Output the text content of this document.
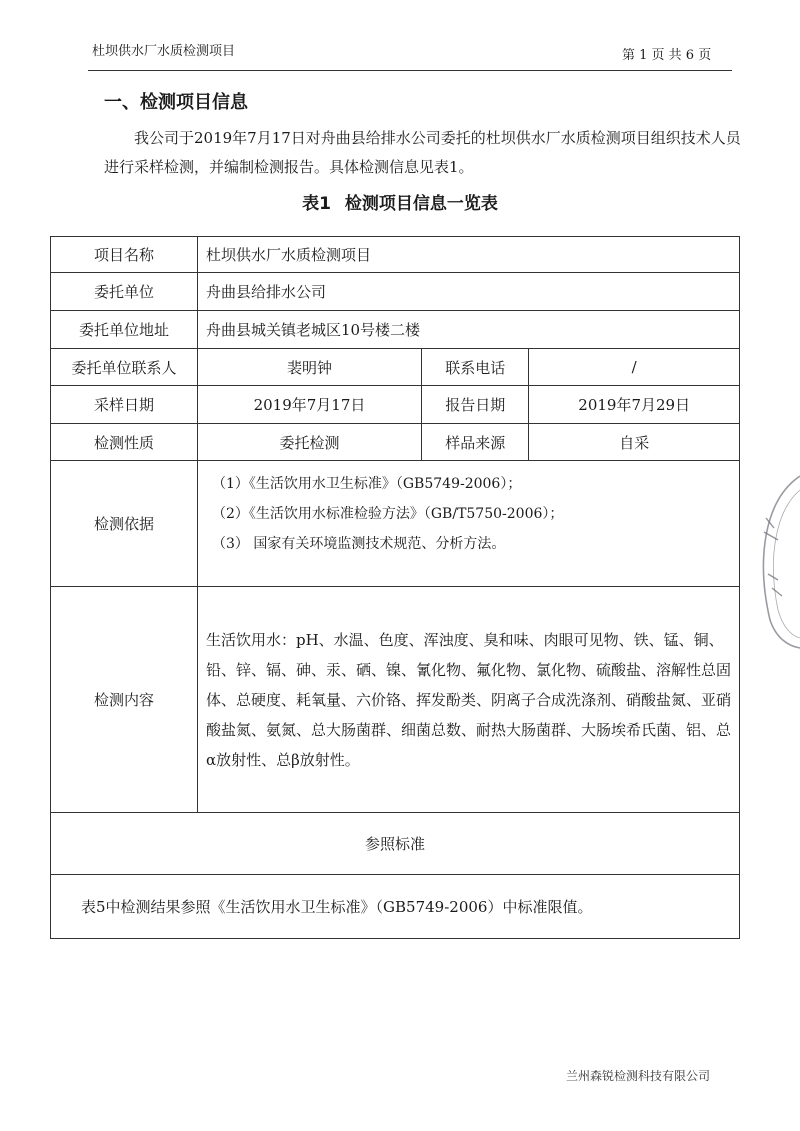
杜坝供水厂水质检测项目	第 1 页 共 6 页
一、检测项目信息

我公司于2019年7月17日对舟曲县给排水公司委托的杜坝供水厂水质检测项目组织技术人员进行采样检测，并编制检测报告。具体检测信息见表1。

表1 检测项目信息一览表
项目名称	杜坝供水厂水质检测项目		
委托单位	舟曲县给排水公司		
委托单位地址	舟曲县城关镇老城区10号楼二楼		
委托单位联系人	裴明钟	联系电话	/
采样日期	2019年7月17日	报告日期	2019年7月29日
检测性质	委托检测	样品来源	自采
检测依据	（1）《生活饮用水卫生标准》（GB5749-2006）；
（2）《生活饮用水标准检验方法》（GB/T5750-2006）；
（3） 国家有关环境监测技术规范、分析方法。		

检测内容	生活饮用水：pH、水温、色度、浑浊度、臭和味、肉眼可见物、铁、锰、铜、铅、锌、镉、砷、汞、硒、镍、氰化物、氟化物、氯化物、硫酸盐、溶解性总固体、总硬度、耗氧量、六价铬、挥发酚类、阴离子合成洗涤剂、硝酸盐氮、亚硝酸盐氮、氨氮、总大肠菌群、细菌总数、耐热大肠菌群、大肠埃希氏菌、铝、总α放射性、总β放射性。		
参照标准			
表5中检测结果参照《生活饮用水卫生标准》（GB5749-2006）中标准限值。			
兰州森锐检测科技有限公司
